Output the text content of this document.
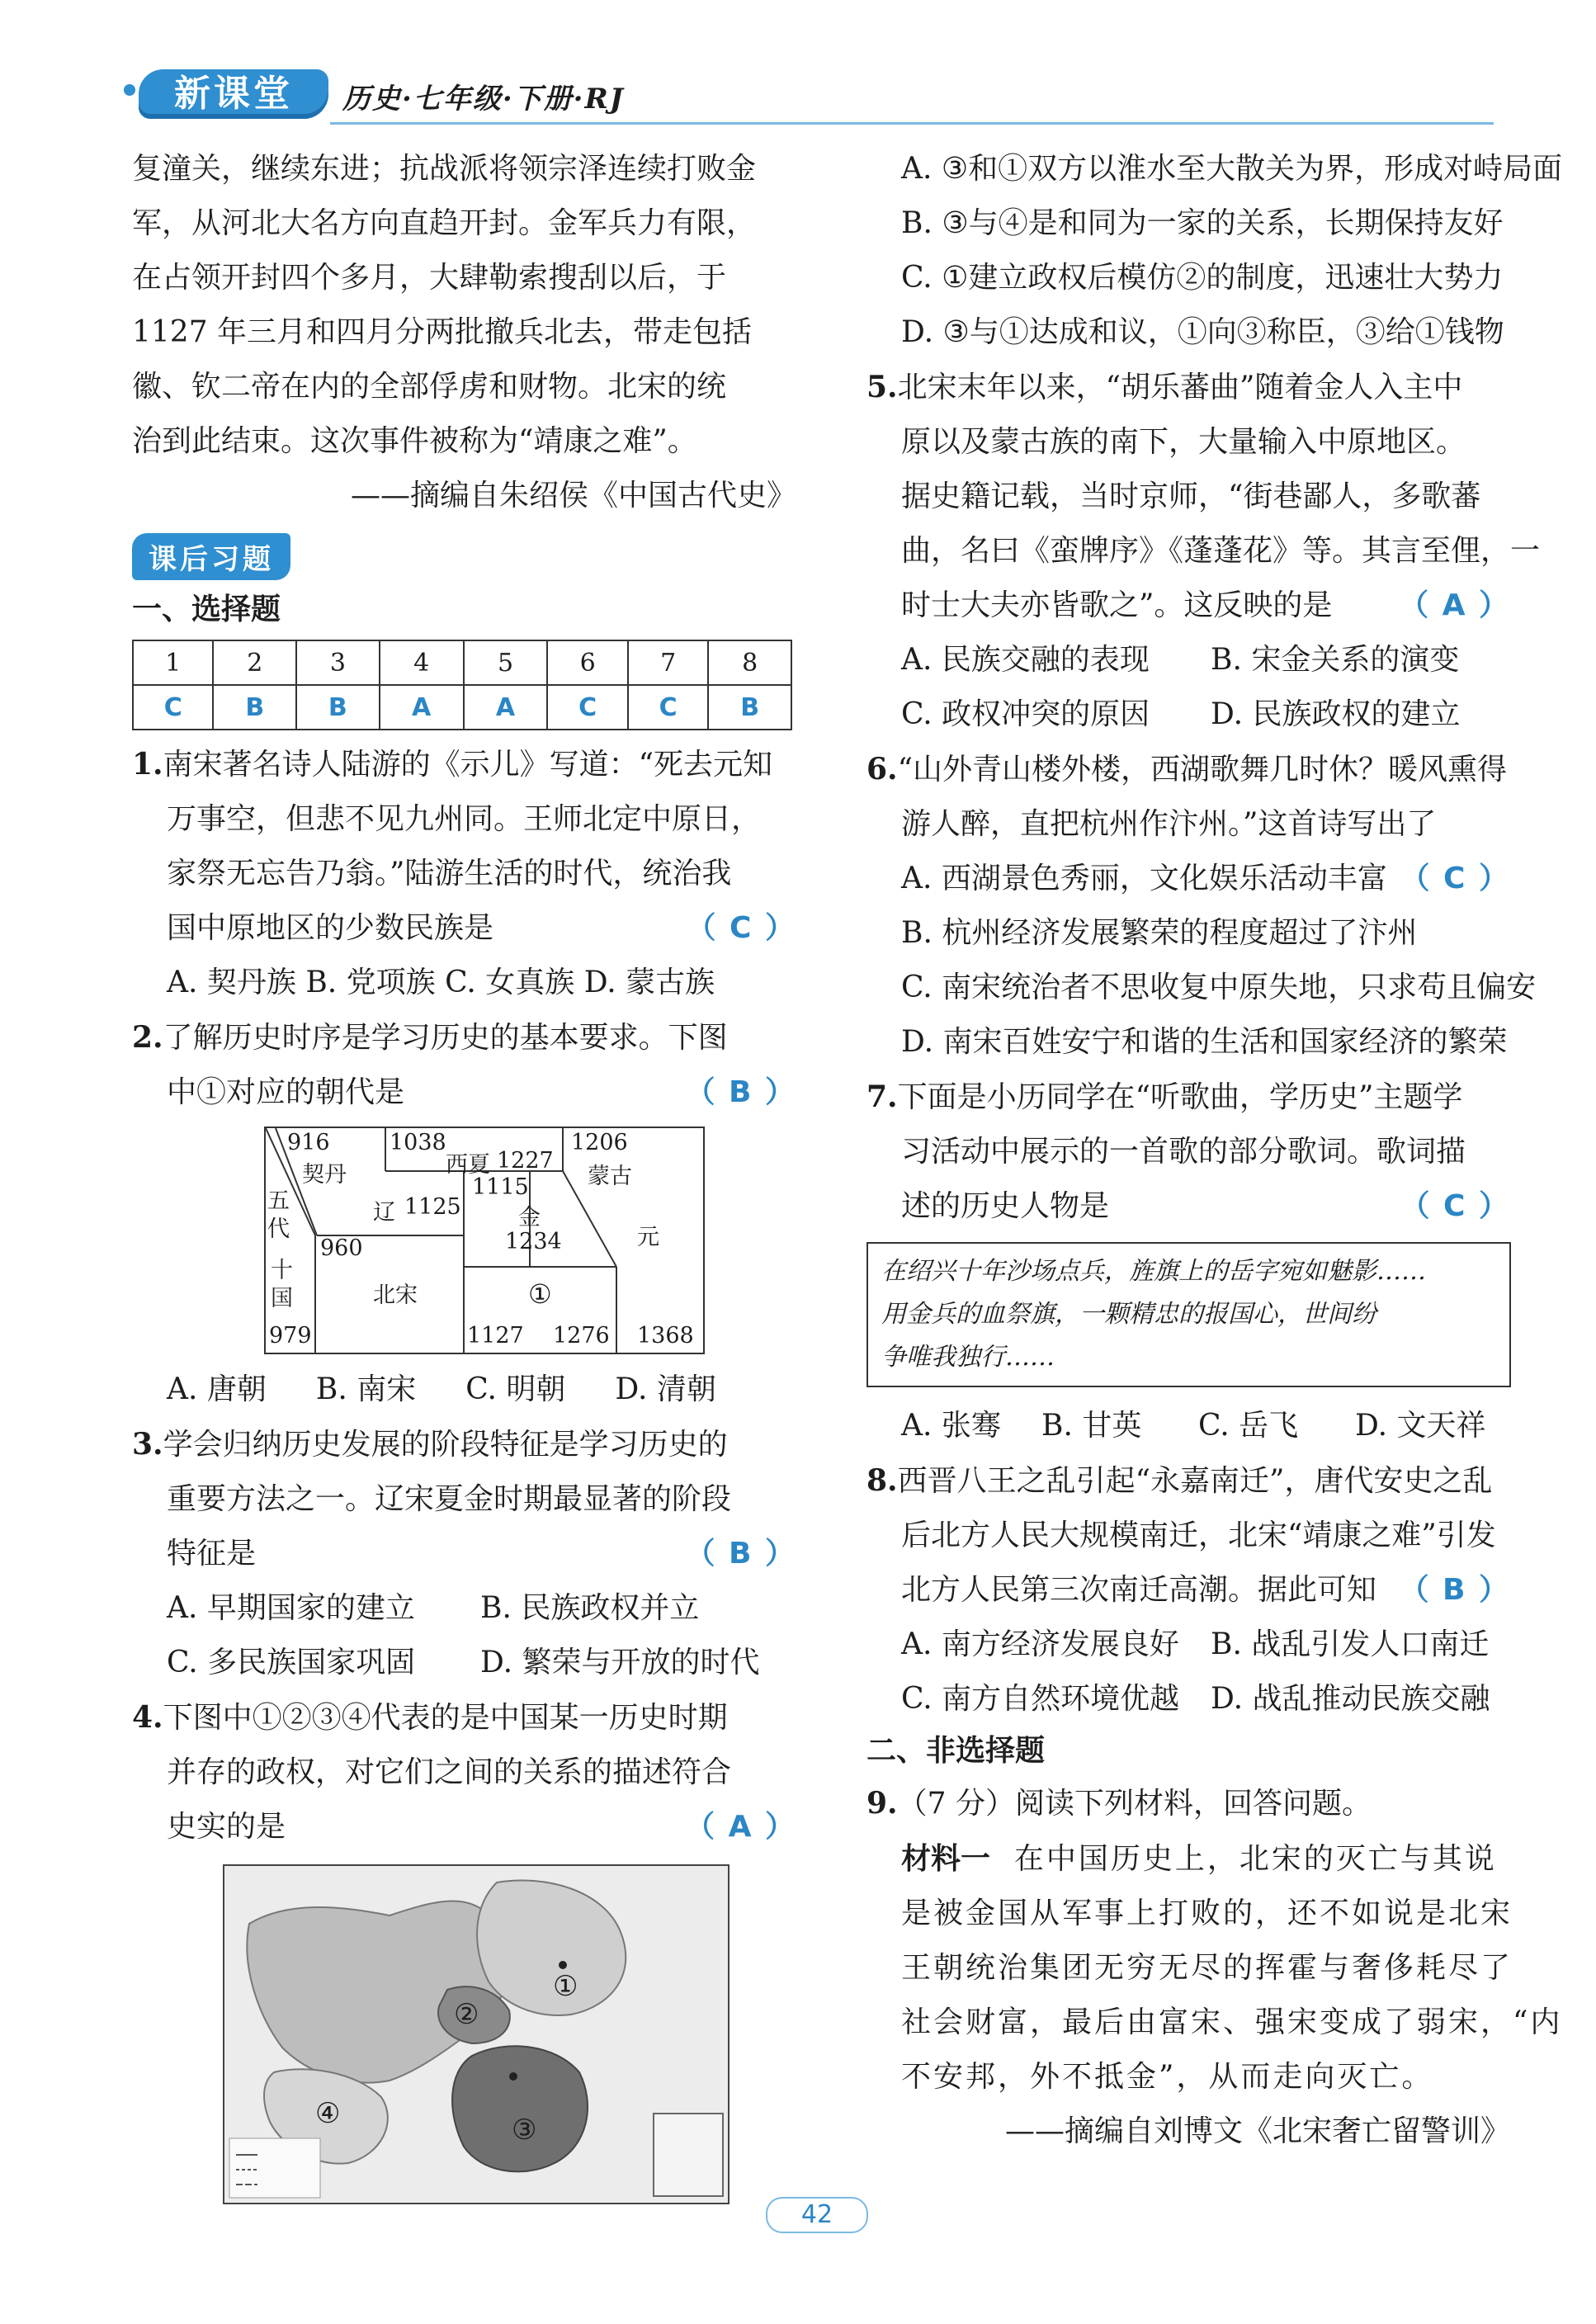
新课堂	历史·七年级·下册·RJ

复潼关，继续东进；抗战派将领宗泽连续打败金

军，从河北大名方向直趋开封。金军兵力有限，

在占领开封四个多月，大肆勒索搜刮以后，于

1127 年三月和四月分两批撤兵北去，带走包括

徽、钦二帝在内的全部俘虏和财物。北宋的统

治到此结束。这次事件被称为“靖康之难”。

——摘编自朱绍侯《中国古代史》

课后习题
一、选择题
1	2	3	4	5	6	7	8
C	B	B	A	A	C	C	B

1.南宋著名诗人陆游的《示儿》写道：“死去元知

万事空，但悲不见九州同。王师北定中原日，

家祭无忘告乃翁。”陆游生活的时代，统治我

国中原地区的少数民族是	（ C ）

A. 契丹族 B. 党项族 C. 女真族 D. 蒙古族

2.了解历史时序是学习历史的基本要求。下图

中①对应的朝代是	（ B ）

916
契丹
1038
西夏 1227
1206
蒙古
1115
金
1234
五代
辽 1125
960	元
十国	北宋	①
979	1127 1276 1368

A. 唐朝 B. 南宋 C. 明朝 D. 清朝

3.学会归纳历史发展的阶段特征是学习历史的

重要方法之一。辽宋夏金时期最显著的阶段

特征是	（ B ）

A. 早期国家的建立 B. 民族政权并立

C. 多民族国家巩固 D. 繁荣与开放的时代

4.下图中①②③④代表的是中国某一历史时期

并存的政权，对它们之间的关系的描述符合

史实的是	（ A ）

①
②
③
④

A. ③和①双方以淮水至大散关为界，形成对峙局面

B. ③与④是和同为一家的关系，长期保持友好

C. ①建立政权后模仿②的制度，迅速壮大势力

D. ③与①达成和议，①向③称臣，③给①钱物

5.北宋末年以来，“胡乐蕃曲”随着金人入主中

原以及蒙古族的南下，大量输入中原地区。

据史籍记载，当时京师，“街巷鄙人，多歌蕃

曲，名曰《蛮牌序》《蓬蓬花》等。其言至俚，一

时士大夫亦皆歌之”。这反映的是 （ A ）

A. 民族交融的表现 B. 宋金关系的演变

C. 政权冲突的原因 D. 民族政权的建立

6.“山外青山楼外楼，西湖歌舞几时休？暖风熏得

游人醉，直把杭州作汴州。”这首诗写出了
（ C ）

A. 西湖景色秀丽，文化娱乐活动丰富

B. 杭州经济发展繁荣的程度超过了汴州

C. 南宋统治者不思收复中原失地，只求苟且偏安

D. 南宋百姓安宁和谐的生活和国家经济的繁荣

7.下面是小历同学在“听歌曲，学历史”主题学

习活动中展示的一首歌的部分歌词。歌词描

述的历史人物是	（ C ）

在绍兴十年沙场点兵，旌旗上的岳字宛如魅影……

用金兵的血祭旗，一颗精忠的报国心，世间纷

争唯我独行……

A. 张骞 B. 甘英 C. 岳飞 D. 文天祥

8.西晋八王之乱引起“永嘉南迁”，唐代安史之乱

后北方人民大规模南迁，北宋“靖康之难”引发

北方人民第三次南迁高潮。据此可知 （ B ）

A. 南方经济发展良好 B. 战乱引发人口南迁

C. 南方自然环境优越 D. 战乱推动民族交融

二、非选择题

9.（7 分）阅读下列材料，回答问题。

材料一 在中国历史上，北宋的灭亡与其说

是被金国从军事上打败的，还不如说是北宋

王朝统治集团无穷无尽的挥霍与奢侈耗尽了

社会财富，最后由富宋、强宋变成了弱宋，“内

不安邦，外不抵金”，从而走向灭亡。

——摘编自刘博文《北宋奢亡留警训》

42
